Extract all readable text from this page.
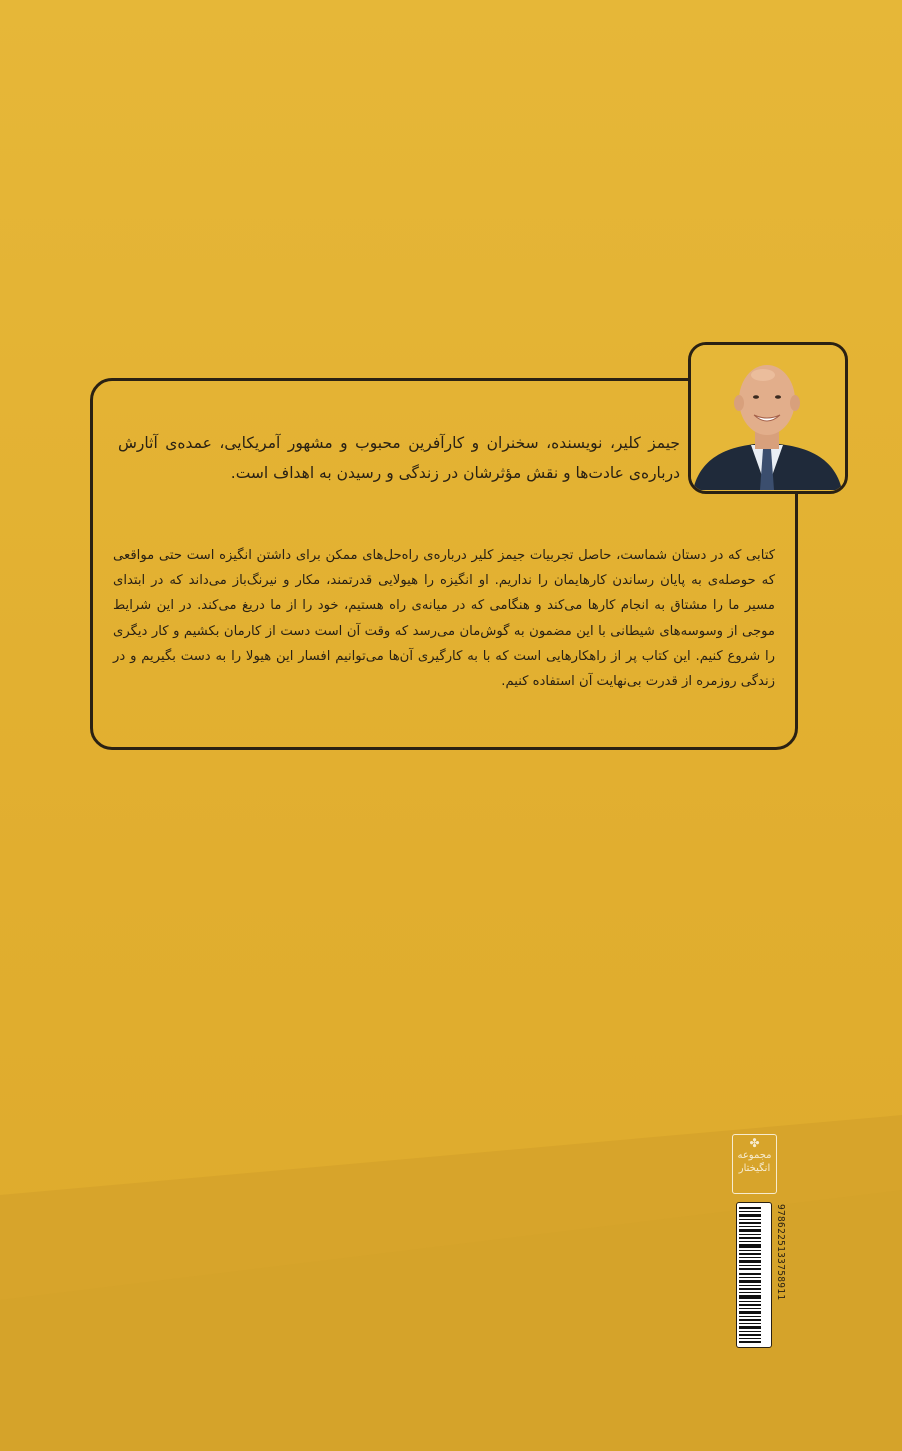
جیمز کلیر، نویسنده، سخنران و کارآفرین محبوب و مشهور آمریکایی، عمده‌ی آثارش درباره‌ی عادت‌ها و نقش مؤثرشان در زندگی و رسیدن به اهداف است.

کتابی که در دستان شماست، حاصل تجربیات جیمز کلیر درباره‌ی راه‌حل‌های ممکن برای داشتن انگیزه است حتی مواقعی که حوصله‌ی به پایان رساندن کارهایمان را نداریم. او انگیزه را هیولایی قدرتمند، مکار و نیرنگ‌باز می‌داند که در ابتدای مسیر ما را مشتاق به انجام کارها می‌کند و هنگامی که در میانه‌ی راه هستیم، خود را از ما دریغ می‌کند. در این شرایط موجی از وسوسه‌های شیطانی با این مضمون به گوش‌مان می‌رسد که وقت آن است دست از کارمان بکشیم و کار دیگری را شروع کنیم. این کتاب پر از راهکارهایی است که با به کارگیری آن‌ها می‌توانیم افسار این هیولا را به دست بگیریم و در زندگی روزمره از قدرت بی‌نهایت آن استفاده کنیم.

✤
مجموعه
انگیختار
9786225133758911
